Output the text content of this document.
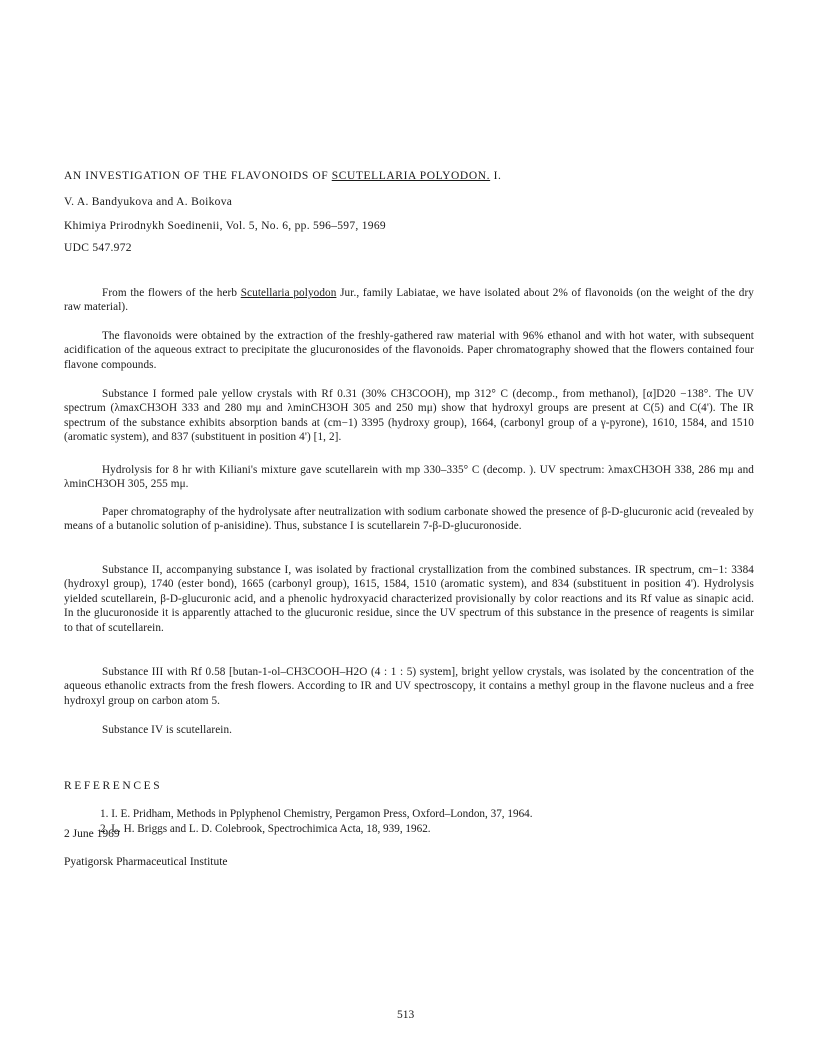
AN INVESTIGATION OF THE FLAVONOIDS OF SCUTELLARIA POLYODON. I.
V. A. Bandyukova and A. Boikova
Khimiya Prirodnykh Soedinenii, Vol. 5, No. 6, pp. 596–597, 1969
UDC 547.972

From the flowers of the herb Scutellaria polyodon Jur., family Labiatae, we have isolated about 2% of flavonoids (on the weight of the dry raw material).

The flavonoids were obtained by the extraction of the freshly-gathered raw material with 96% ethanol and with hot water, with subsequent acidification of the aqueous extract to precipitate the glucuronosides of the flavonoids. Paper chromatography showed that the flowers contained four flavone compounds.

Substance I formed pale yellow crystals with Rf 0.31 (30% CH3COOH), mp 312° C (decomp., from methanol), [α]D20 −138°. The UV spectrum (λmaxCH3OH 333 and 280 mμ and λminCH3OH 305 and 250 mμ) show that hydroxyl groups are present at C(5) and C(4'). The IR spectrum of the substance exhibits absorption bands at (cm−1) 3395 (hydroxy group), 1664, (carbonyl group of a γ-pyrone), 1610, 1584, and 1510 (aromatic system), and 837 (substituent in position 4') [1, 2].

Hydrolysis for 8 hr with Kiliani's mixture gave scutellarein with mp 330–335° C (decomp. ). UV spectrum: λmaxCH3OH 338, 286 mμ and λminCH3OH 305, 255 mμ.

Paper chromatography of the hydrolysate after neutralization with sodium carbonate showed the presence of β-D-glucuronic acid (revealed by means of a butanolic solution of p-anisidine). Thus, substance I is scutellarein 7-β-D-glucuronoside.

Substance II, accompanying substance I, was isolated by fractional crystallization from the combined substances. IR spectrum, cm−1: 3384 (hydroxyl group), 1740 (ester bond), 1665 (carbonyl group), 1615, 1584, 1510 (aromatic system), and 834 (substituent in position 4'). Hydrolysis yielded scutellarein, β-D-glucuronic acid, and a phenolic hydroxyacid characterized provisionally by color reactions and its Rf value as sinapic acid. In the glucuronoside it is apparently attached to the glucuronic residue, since the UV spectrum of this substance in the presence of reagents is similar to that of scutellarein.

Substance III with Rf 0.58 [butan-1-ol–CH3COOH–H2O (4 : 1 : 5) system], bright yellow crystals, was isolated by the concentration of the aqueous ethanolic extracts from the fresh flowers. According to IR and UV spectroscopy, it contains a methyl group in the flavone nucleus and a free hydroxyl group on carbon atom 5.

Substance IV is scutellarein.

REFERENCES
1. I. E. Pridham, Methods in Pplyphenol Chemistry, Pergamon Press, Oxford–London, 37, 1964.
2. L. H. Briggs and L. D. Colebrook, Spectrochimica Acta, 18, 939, 1962.
2 June 1969
Pyatigorsk Pharmaceutical Institute
513
